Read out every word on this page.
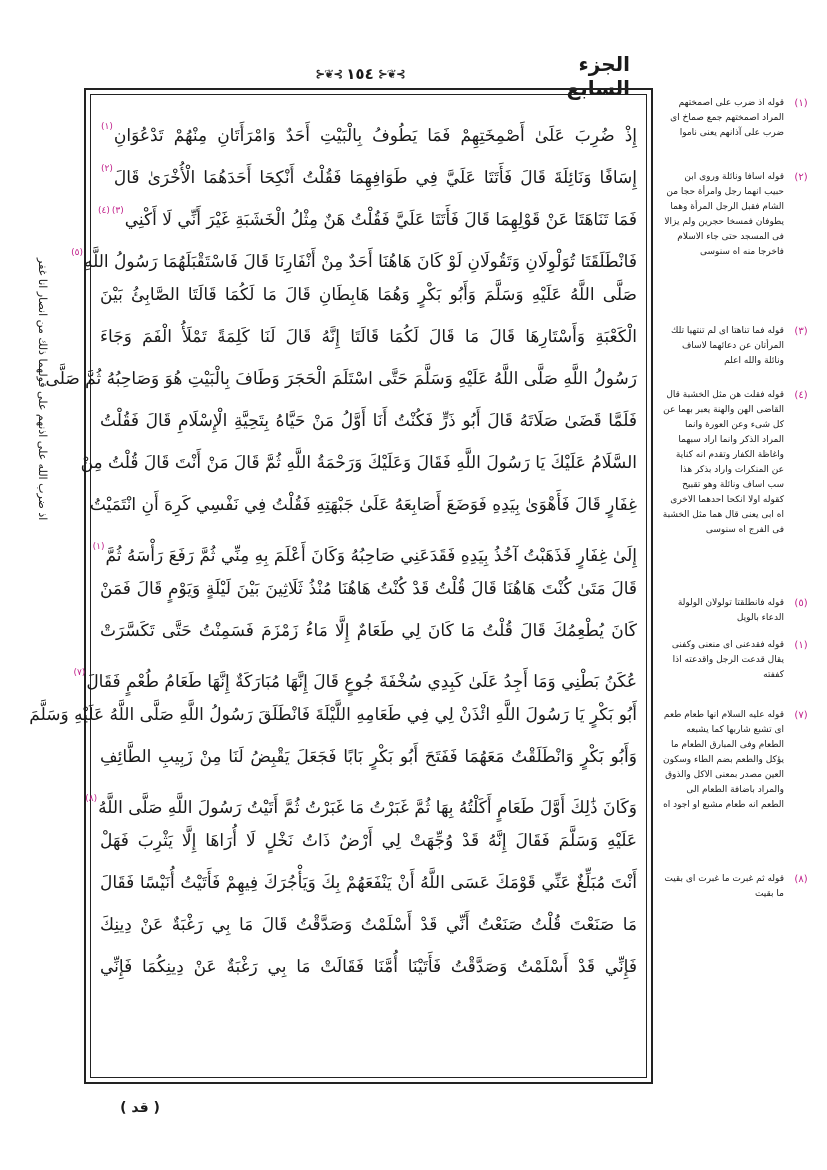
الجزء السابع
⊱❦⊰
١٥٤
⊱❦⊰
اذ ضرب الله على اذنهم على قولهما ذلك من انصار انا غفر
إِذْ ضُرِبَ عَلَىٰ أَصْمِخَتِهِمْ فَمَا يَطُوفُ بِالْبَيْتِ أَحَدٌ وَامْرَأَتَانِ مِنْهُمْ تَدْعُوَانِ$^{(١)}$
إِسَافًا وَنَائِلَةَ قَالَ فَأَتَتَا عَلَيَّ فِي طَوَافِهِمَا فَقُلْتُ أَنْكِحَا أَحَدَهُمَا الْأُخْرَىٰ قَالَ$^{(٢)}$
فَمَا تَنَاهَتَا عَنْ قَوْلِهِمَا قَالَ فَأَتَتَا عَلَيَّ فَقُلْتُ هَنٌ مِثْلُ الْخَشَبَةِ غَيْرَ أَنِّي لَا أَكْنِي$^{(٣)(٤)}$
فَانْطَلَقَتَا تُوَلْوِلَانِ وَتَقُولَانِ لَوْ كَانَ هَاهُنَا أَحَدٌ مِنْ أَنْفَارِنَا قَالَ فَاسْتَقْبَلَهُمَا رَسُولُ اللَّهِ$^{(٥)}$
صَلَّى اللَّهُ عَلَيْهِ وَسَلَّمَ وَأَبُو بَكْرٍ وَهُمَا هَابِطَانِ قَالَ مَا لَكُمَا قَالَتَا الصَّابِئُ بَيْنَ
الْكَعْبَةِ وَأَسْتَارِهَا قَالَ مَا قَالَ لَكُمَا قَالَتَا إِنَّهُ قَالَ لَنَا كَلِمَةً تَمْلَأُ الْفَمَ وَجَاءَ
رَسُولُ اللَّهِ صَلَّى اللَّهُ عَلَيْهِ وَسَلَّمَ حَتَّى اسْتَلَمَ الْحَجَرَ وَطَافَ بِالْبَيْتِ هُوَ وَصَاحِبُهُ ثُمَّ صَلَّى
فَلَمَّا قَضَىٰ صَلَاتَهُ قَالَ أَبُو ذَرٍّ فَكُنْتُ أَنَا أَوَّلُ مَنْ حَيَّاهُ بِتَحِيَّةِ الْإِسْلَامِ قَالَ فَقُلْتُ
السَّلَامُ عَلَيْكَ يَا رَسُولَ اللَّهِ فَقَالَ وَعَلَيْكَ وَرَحْمَةُ اللَّهِ ثُمَّ قَالَ مَنْ أَنْتَ قَالَ قُلْتُ مِنْ
غِفَارٍ قَالَ فَأَهْوَىٰ بِيَدِهِ فَوَضَعَ أَصَابِعَهُ عَلَىٰ جَبْهَتِهِ فَقُلْتُ فِي نَفْسِي كَرِهَ أَنِ انْتَمَيْتُ
إِلَىٰ غِفَارٍ فَذَهَبْتُ آخُذُ بِيَدِهِ فَقَدَعَنِي صَاحِبُهُ وَكَانَ أَعْلَمَ بِهِ مِنِّي ثُمَّ رَفَعَ رَأْسَهُ ثُمَّ$^{(١)}$
قَالَ مَتَىٰ كُنْتَ هَاهُنَا قَالَ قُلْتُ قَدْ كُنْتُ هَاهُنَا مُنْذُ ثَلَاثِينَ بَيْنَ لَيْلَةٍ وَيَوْمٍ قَالَ فَمَنْ
كَانَ يُطْعِمُكَ قَالَ قُلْتُ مَا كَانَ لِي طَعَامٌ إِلَّا مَاءُ زَمْزَمَ فَسَمِنْتُ حَتَّى تَكَسَّرَتْ
عُكَنُ بَطْنِي وَمَا أَجِدُ عَلَىٰ كَبِدِي سُخْفَةَ جُوعٍ قَالَ إِنَّهَا مُبَارَكَةٌ إِنَّهَا طَعَامُ طُعْمٍ فَقَالَ$^{(٧)}$
أَبُو بَكْرٍ يَا رَسُولَ اللَّهِ ائْذَنْ لِي فِي طَعَامِهِ اللَّيْلَةَ فَانْطَلَقَ رَسُولُ اللَّهِ صَلَّى اللَّهُ عَلَيْهِ وَسَلَّمَ
وَأَبُو بَكْرٍ وَانْطَلَقْتُ مَعَهُمَا فَفَتَحَ أَبُو بَكْرٍ بَابًا فَجَعَلَ يَقْبِضُ لَنَا مِنْ زَبِيبِ الطَّائِفِ
وَكَانَ ذَٰلِكَ أَوَّلَ طَعَامٍ أَكَلْتُهُ بِهَا ثُمَّ غَبَرْتُ مَا غَبَرْتُ ثُمَّ أَتَيْتُ رَسُولَ اللَّهِ صَلَّى اللَّهُ$^{(٨)}$
عَلَيْهِ وَسَلَّمَ فَقَالَ إِنَّهُ قَدْ وُجِّهَتْ لِي أَرْضٌ ذَاتُ نَخْلٍ لَا أُرَاهَا إِلَّا يَثْرِبَ فَهَلْ
أَنْتَ مُبَلِّغٌ عَنِّي قَوْمَكَ عَسَى اللَّهُ أَنْ يَنْفَعَهُمْ بِكَ وَيَأْجُرَكَ فِيهِمْ فَأَتَيْتُ أُنَيْسًا فَقَالَ
مَا صَنَعْتَ قُلْتُ صَنَعْتُ أَنِّي قَدْ أَسْلَمْتُ وَصَدَّقْتُ قَالَ مَا بِي رَغْبَةٌ عَنْ دِينِكَ
فَإِنِّي قَدْ أَسْلَمْتُ وَصَدَّقْتُ فَأَتَيْنَا أُمَّنَا فَقَالَتْ مَا بِي رَغْبَةٌ عَنْ دِينِكُمَا فَإِنِّي
(١)
قوله اذ ضرب على اصمختهم المراد اصمختهم جمع صماخ اى ضرب على آذانهم يعنى ناموا
(٢)
قوله اسافا ونائلة وروى ابن حبيب انهما رجل وامرأة حجا من الشام فقبل الرجل المرأة وهما يطوفان فمسخا حجرين ولم يزالا فى المسجد حتى جاء الاسلام فاخرجا منه اه سنوسى
(٣)
قوله فما تناهتا اى لم تنتهيا تلك المرأتان عن دعائهما لاساف ونائلة والله اعلم
(٤)
قوله فقلت هن مثل الخشبة قال القاضى الهن والهنة يعبر بهما عن كل شىء وعن العورة وانما المراد الذكر وانما اراد سبهما واغاظة الكفار وتقدم انه كناية عن المنكرات واراد بذكر هذا سب اساف ونائلة وهو تقبيح كقوله اولا انكحا احدهما الاخرى اه ابى يعنى قال هما مثل الخشبة فى الفرج اه سنوسى
(٥)
قوله فانطلقتا تولولان الولولة الدعاء بالويل
(١)
قوله فقدعنى اى منعنى وكفنى يقال قدعت الرجل واقدعته اذا كففته
(٧)
قوله عليه السلام انها طعام طعم اى تشبع شاربها كما يشبعه الطعام وفى المبارق الطعام ما يؤكل والطعم بضم الطاء وسكون العين مصدر بمعنى الاكل والذوق والمراد باضافة الطعام الى الطعم انه طعام مشبع او اجود اه
(٨)
قوله ثم غبرت ما غبرت اى بقيت ما بقيت
( قد )
